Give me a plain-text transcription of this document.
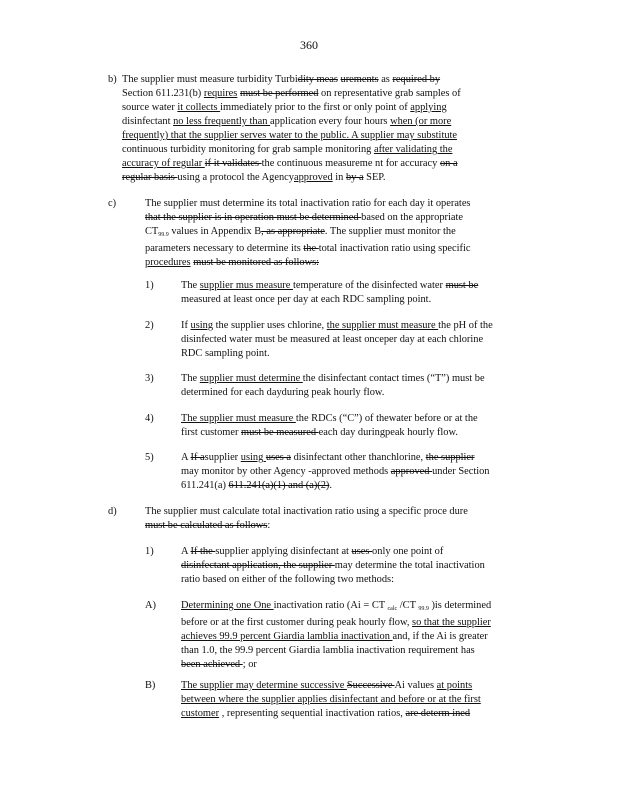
360
b) The supplier must measure turbidity Turbidity meas urements as required by
Section 611.231(b) requires must be performed on representative grab samples of
source water it collects immediately prior to the first or only point of applying
disinfectant no less frequently than application every four hours when (or more
frequently) that the supplier serves water to the public. A supplier may substitute
continuous turbidity monitoring for grab sample monitoring after validating the
accuracy of regular if it validates the continuous measureme nt for accuracy on a
regular basis using a protocol the Agencyapproved in by a SEP.
c)	The supplier must determine its total inactivation ratio for each day it operates
that the supplier is in operation must be determined based on the appropriate
$CT_{99.9}$ values in Appendix B, as appropriate. The supplier must monitor the
parameters necessary to determine its the total inactivation ratio using specific
procedures must be monitored as follows:
1)	The supplier mus measure temperature of the disinfected water must be
measured at least once per day at each RDC sampling point.
2)	If using the supplier uses chlorine, the supplier must measure the pH of the
disinfected water must be measured at least onceper day at each chlorine
RDC sampling point.
3)	The supplier must determine the disinfectant contact times (“T”) must be
determined for each dayduring peak hourly flow.
4)	The supplier must measure the RDCs (“C”) of thewater before or at the
first customer must be measured each day duringpeak hourly flow.
5)	A If asupplier using uses a disinfectant other thanchlorine, the supplier
may monitor by other Agency -approved methods approved under Section
611.241(a) 611.241(a)(1) and (a)(2).
d)	The supplier must calculate total inactivation ratio using a specific proce dure
must be calculated as follows:
1)	A If the supplier applying disinfectant at uses only one point of
disinfectant application, the supplier may determine the total inactivation
ratio based on either of the following two methods:
A) Determining one One inactivation ratio (Ai = CT $_{calc}$ /CT $_{99.9}$ )is determined
before or at the first customer during peak hourly flow, so that the supplier
achieves 99.9 percent Giardia lamblia inactivation and, if the Ai is greater
than 1.0, the 99.9 percent Giardia lamblia inactivation requirement has
been achieved ; or
B) The supplier may determine successive Successive Ai values at points
between where the supplier applies disinfectant and before or at the first
customer , representing sequential inactivation ratios, are determ ined
